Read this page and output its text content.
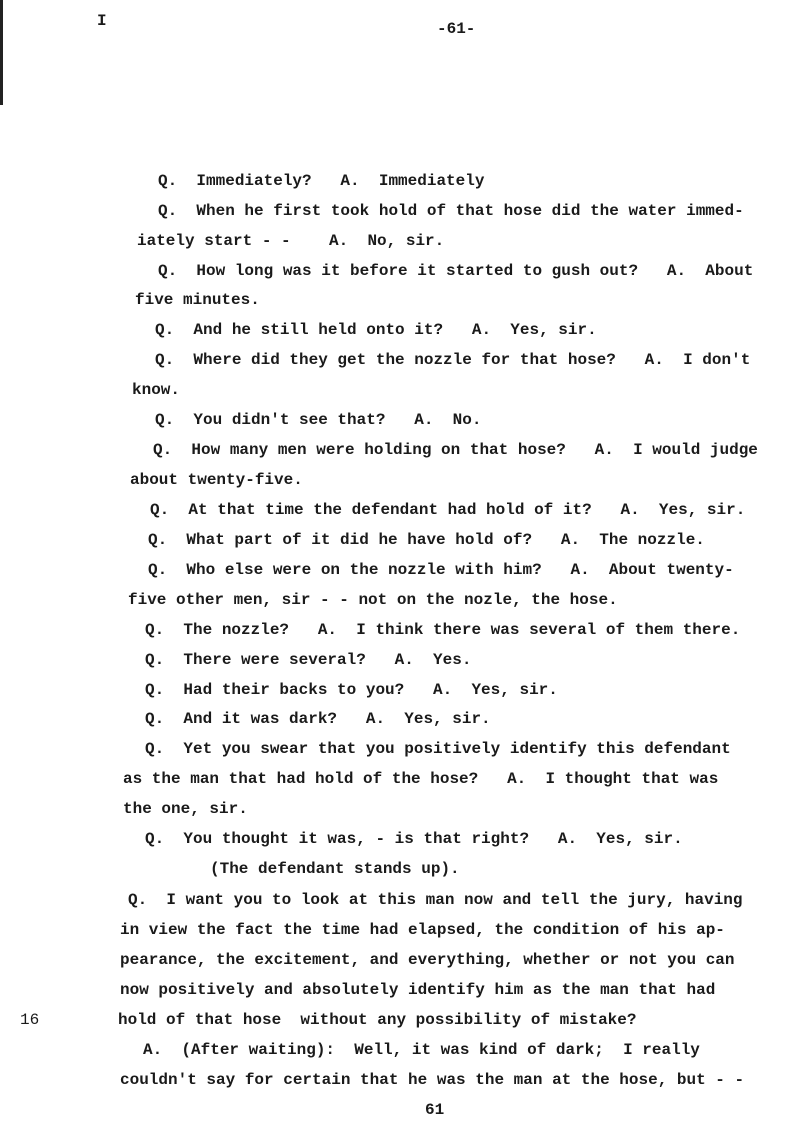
I	-61-
16
Q.  Immediately?   A.  Immediately
Q.  When he first took hold of that hose did the water immed-
iately start - -    A.  No, sir.
Q.  How long was it before it started to gush out?   A.  About
five minutes.
Q.  And he still held onto it?   A.  Yes, sir.
Q.  Where did they get the nozzle for that hose?   A.  I don't
know.
Q.  You didn't see that?   A.  No.
Q.  How many men were holding on that hose?   A.  I would judge
about twenty-five.
Q.  At that time the defendant had hold of it?   A.  Yes, sir.
Q.  What part of it did he have hold of?   A.  The nozzle.
Q.  Who else were on the nozzle with him?   A.  About twenty-
five other men, sir - - not on the nozle, the hose.
Q.  The nozzle?   A.  I think there was several of them there.
Q.  There were several?   A.  Yes.
Q.  Had their backs to you?   A.  Yes, sir.
Q.  And it was dark?   A.  Yes, sir.
Q.  Yet you swear that you positively identify this defendant
as the man that had hold of the hose?   A.  I thought that was
the one, sir.
Q.  You thought it was, - is that right?   A.  Yes, sir.
(The defendant stands up).
Q.  I want you to look at this man now and tell the jury, having
in view the fact the time had elapsed, the condition of his ap-
pearance, the excitement, and everything, whether or not you can
now positively and absolutely identify him as the man that had
hold of that hose  without any possibility of mistake?
A.  (After waiting):  Well, it was kind of dark;  I really
couldn't say for certain that he was the man at the hose, but - -
61
